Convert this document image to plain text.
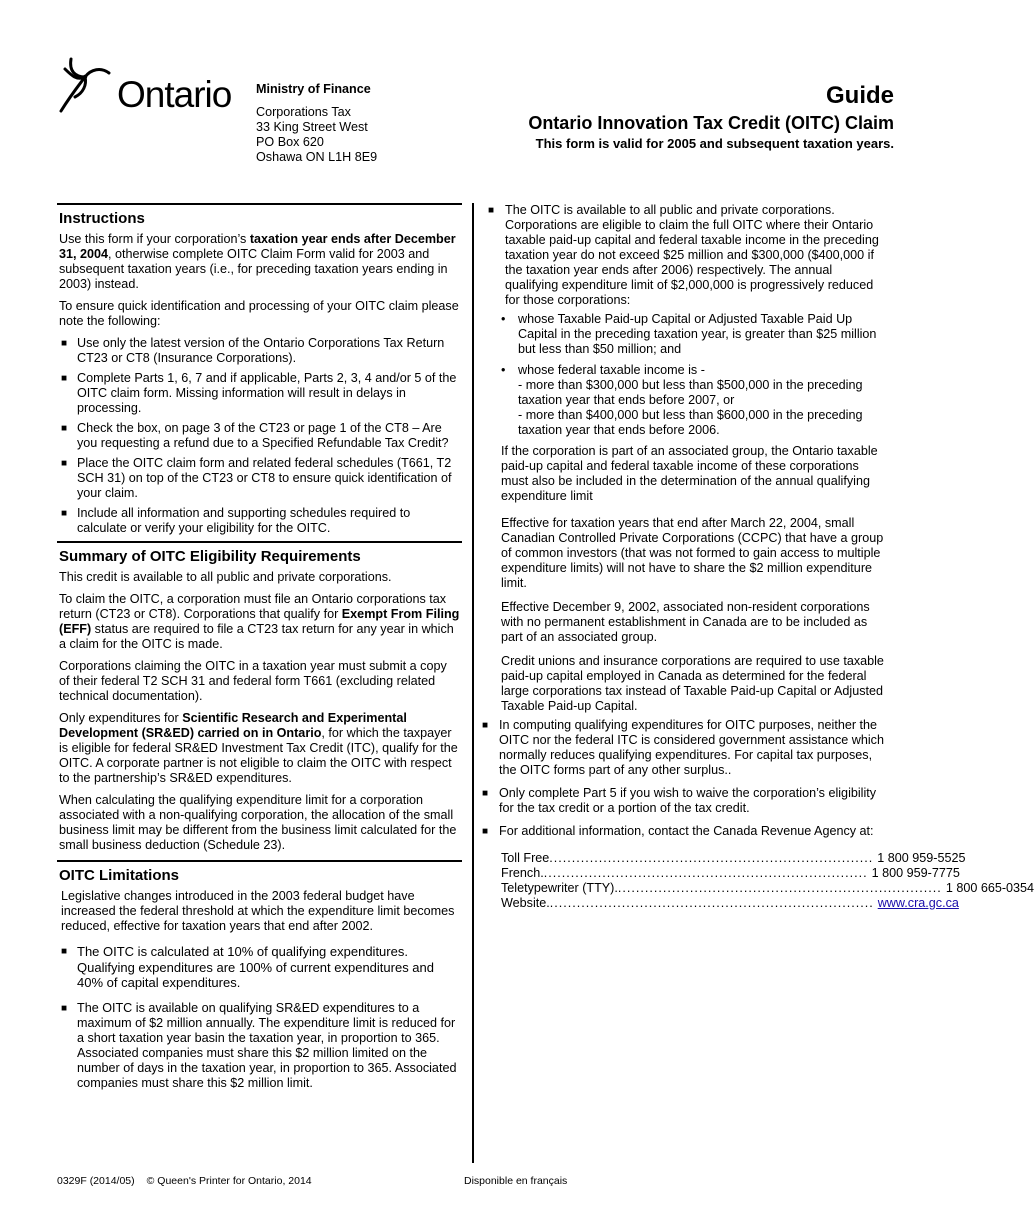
Ontario Ministry of Finance
Corporations Tax
33 King Street West
PO Box 620
Oshawa ON L1H 8E9
Guide
Ontario Innovation Tax Credit (OITC) Claim
This form is valid for 2005 and subsequent taxation years.
Instructions
Use this form if your corporation’s taxation year ends after December 31, 2004, otherwise complete OITC Claim Form valid for 2003 and subsequent taxation years (i.e., for preceding taxation years ending in 2003) instead.
To ensure quick identification and processing of your OITC claim please note the following:
■ Use only the latest version of the Ontario Corporations Tax Return CT23 or CT8 (Insurance Corporations).
■ Complete Parts 1, 6, 7 and if applicable, Parts 2, 3, 4 and/or 5 of the OITC claim form. Missing information will result in delays in processing.
■ Check the box, on page 3 of the CT23 or page 1 of the CT8 – Are you requesting a refund due to a Specified Refundable Tax Credit?
■ Place the OITC claim form and related federal schedules (T661, T2 SCH 31) on top of the CT23 or CT8 to ensure quick identification of your claim.
■ Include all information and supporting schedules required to calculate or verify your eligibility for the OITC.
Summary of OITC Eligibility Requirements
This credit is available to all public and private corporations.
To claim the OITC, a corporation must file an Ontario corporations tax return (CT23 or CT8). Corporations that qualify for Exempt From Filing (EFF) status are required to file a CT23 tax return for any year in which a claim for the OITC is made.
Corporations claiming the OITC in a taxation year must submit a copy of their federal T2 SCH 31 and federal form T661 (excluding related technical documentation).
Only expenditures for Scientific Research and Experimental Development (SR&ED) carried on in Ontario, for which the taxpayer is eligible for federal SR&ED Investment Tax Credit (ITC), qualify for the OITC. A corporate partner is not eligible to claim the OITC with respect to the partnership’s SR&ED expenditures.
When calculating the qualifying expenditure limit for a corporation associated with a non-qualifying corporation, the allocation of the small business limit may be different from the business limit calculated for the small business deduction (Schedule 23).
OITC Limitations
Legislative changes introduced in the 2003 federal budget have increased the federal threshold at which the expenditure limit becomes reduced, effective for taxation years that end after 2002.
■ The OITC is calculated at 10% of qualifying expenditures. Qualifying expenditures are 100% of current expenditures and 40% of capital expenditures.
■ The OITC is available on qualifying SR&ED expenditures to a maximum of $2 million annually. The expenditure limit is reduced for a short taxation year basin the taxation year, in proportion to 365. Associated companies must share this $2 million limited on the number of days in the taxation year, in proportion to 365. Associated companies must share this $2 million limit.
■ The OITC is available to all public and private corporations. Corporations are eligible to claim the full OITC where their Ontario taxable paid-up capital and federal taxable income in the preceding taxation year do not exceed $25 million and $300,000 ($400,000 if the taxation year ends after 2006) respectively. The annual qualifying expenditure limit of $2,000,000 is progressively reduced for those corporations:
• whose Taxable Paid-up Capital or Adjusted Taxable Paid Up Capital in the preceding taxation year, is greater than $25 million but less than $50 million; and
• whose federal taxable income is -
- more than $300,000 but less than $500,000 in the preceding taxation year that ends before 2007, or
- more than $400,000 but less than $600,000 in the preceding taxation year that ends before 2006.
If the corporation is part of an associated group, the Ontario taxable paid-up capital and federal taxable income of these corporations must also be included in the determination of the annual qualifying expenditure limit
Effective for taxation years that end after March 22, 2004, small Canadian Controlled Private Corporations (CCPC) that have a group of common investors (that was not formed to gain access to multiple expenditure limits) will not have to share the $2 million expenditure limit.
Effective December 9, 2002, associated non-resident corporations with no permanent establishment in Canada are to be included as part of an associated group.
Credit unions and insurance corporations are required to use taxable paid-up capital employed in Canada as determined for the federal large corporations tax instead of Taxable Paid-up Capital or Adjusted Taxable Paid-up Capital.
■ In computing qualifying expenditures for OITC purposes, neither the OITC nor the federal ITC is considered government assistance which normally reduces qualifying expenditures. For capital tax purposes, the OITC forms part of any other surplus..
■ Only complete Part 5 if you wish to waive the corporation’s eligibility for the tax credit or a portion of the tax credit.
■ For additional information, contact the Canada Revenue Agency at:
Toll Free ........................................................................ 1 800 959-5525
French. ........................................................................ 1 800 959-7775
Teletypewriter (TTY). ........................................................................ 1 800 665-0354
Website. ........................................................................ www.cra.gc.ca
0329F (2014/05) © Queen's Printer for Ontario, 2014	Disponible en français
